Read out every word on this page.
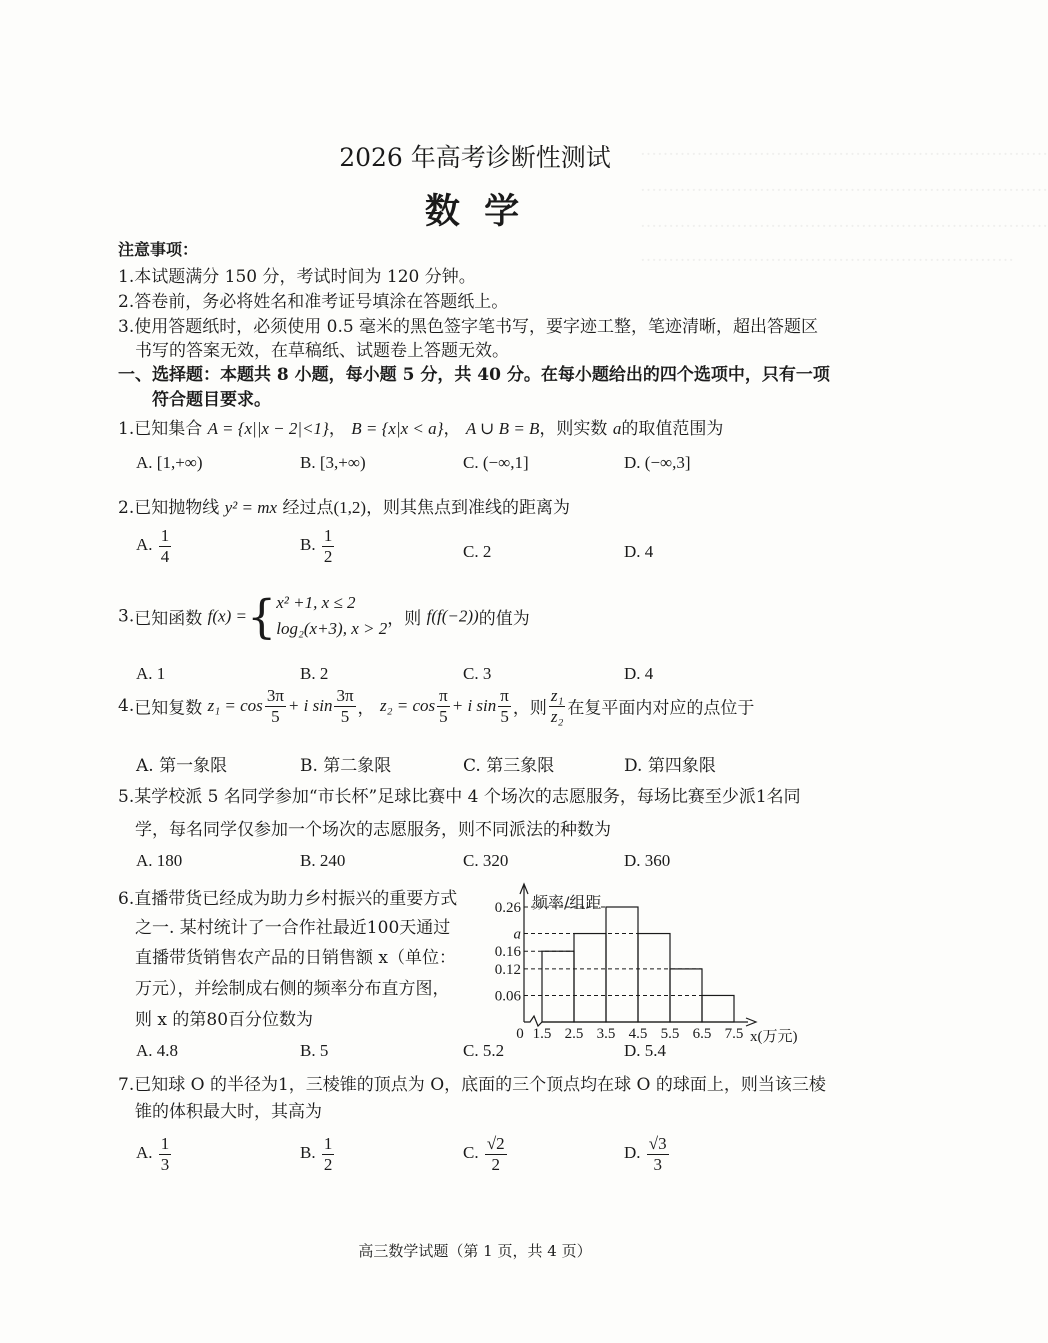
………………………………………………………………
………………………………………………………………
………………………………………………………………
…………………………………………………………
2026 年高考诊断性测试
数 学
注意事项：
1.本试题满分 150 分，考试时间为 120 分钟。
2.答卷前，务必将姓名和准考证号填涂在答题纸上。
3.使用答题纸时，必须使用 0.5 毫米的黑色签字笔书写，要字迹工整，笔迹清晰，超出答题区
书写的答案无效，在草稿纸、试题卷上答题无效。
一、选择题：本题共 8 小题，每小题 5 分，共 40 分。在每小题给出的四个选项中，只有一项
符合题目要求。
1.已知集合 A = {x||x − 2|<1}， B = {x|x < a}， A ∪ B = B，则实数 a的取值范围为
A. [1,+∞)	B. [3,+∞)	C. (−∞,1]	D. (−∞,3]
2.已知抛物线 y² = mx 经过点(1,2)，则其焦点到准线的距离为
A. $\frac{1}{4}$	B. $\frac{1}{2}$	C. 2	D. 4
3.已知函数 f(x) ={ x² +1, x ≤ 2
log₂(x+3), x > 2 ，则 f(f(−2))的值为
A. 1	B. 2	C. 3	D. 4
4.已知复数 $z_1 = \cos \frac{3\pi}{5} + i$ $\sin \frac{3\pi}{5}$ ， $z_2 = \cos \frac{\pi}{5} + i$ $\sin \frac{\pi}{5}$ ，则 $\frac{\text{z₁}}{\text{z₂}}$ 在复平面内对应的点位于
A. 第一象限	B. 第二象限	C. 第三象限	D. 第四象限
5.某学校派 5 名同学参加“市长杯”足球比赛中 4 个场次的志愿服务，每场比赛至少派1名同
学，每名同学仅参加一个场次的志愿服务，则不同派法的种数为
A. 180	B. 240	C. 320	D. 360
6.直播带货已经成为助力乡村振兴的重要方式
之一. 某村统计了一合作社最近100天通过
直播带货销售农产品的日销售额 x（单位：
万元），并绘制成右侧的频率分布直方图，
则 x 的第80百分位数为
0.06
0.12
0.16
a
0.26
1.5 2.5 3.5 4.5 5.5 6.5 7.5
0	x(万元)
频率/组距
A. 4.8	B. 5	C. 5.2	D. 5.4
7.已知球 O 的半径为1，三棱锥的顶点为 O，底面的三个顶点均在球 O 的球面上，则当该三棱
锥的体积最大时，其高为
A. $\frac{1}{3}$	B. $\frac{1}{2}$	C. $\frac{√2}{2}$	D. $\frac{√3}{3}$
高三数学试题（第 1 页，共 4 页）
